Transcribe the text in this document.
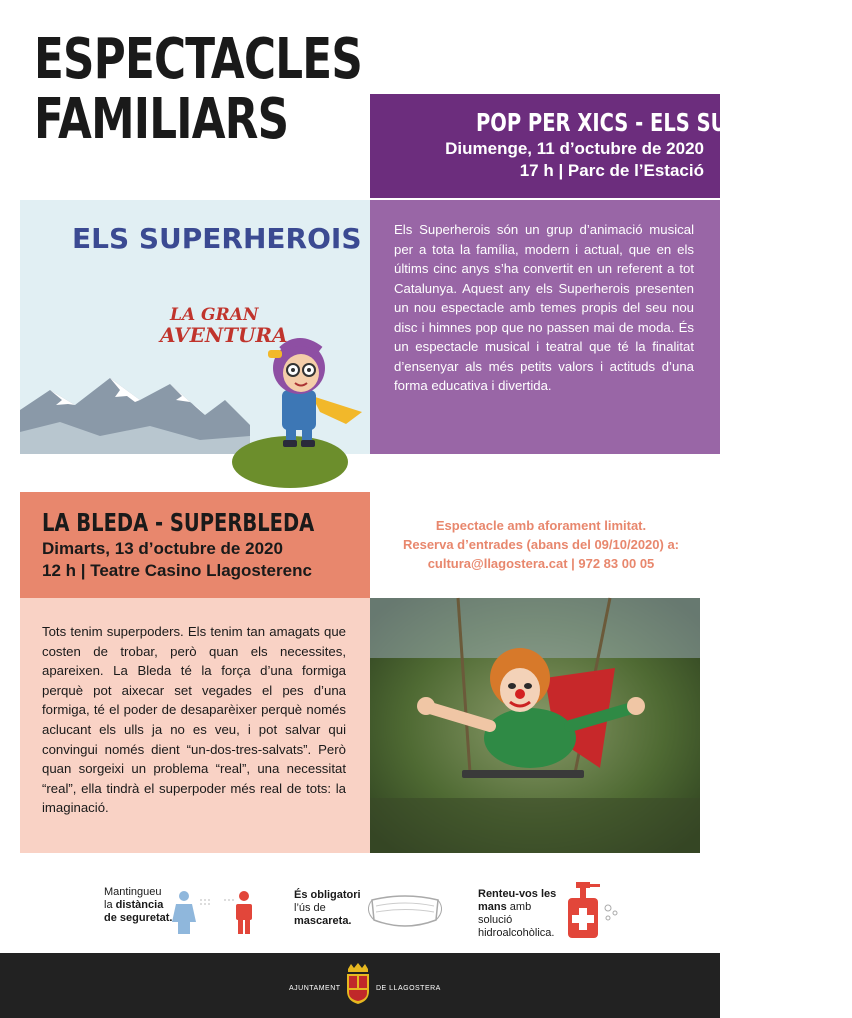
ESPECTACLES
FAMILIARS	POP PER XICS - ELS SUPERHEROIS
Diumenge, 11 d’octubre de 2020
17 h | Parc de l’Estació
ELS SUPERHEROIS
LA GRAN
AVENTURA
Els Superherois són un grup d’animació musical per a tota la família, modern i actual, que en els últims cinc anys s’ha convertit en un referent a tot Catalunya. Aquest any els Superherois presenten un nou espectacle amb temes propis del seu nou disc i himnes pop que no passen mai de moda. És un espectacle musical i teatral que té la finalitat d’ensenyar als més petits valors i actituds d’una forma educativa i divertida.
LA BLEDA - SUPERBLEDA
Dimarts, 13 d’octubre de 2020
12 h | Teatre Casino Llagosterenc
Espectacle amb aforament limitat.
Reserva d’entrades (abans del 09/10/2020) a:
cultura@llagostera.cat | 972 83 00 05
Tots tenim superpoders. Els tenim tan amagats que costen de trobar, però quan els necessites, apareixen. La Bleda té la força d’una formiga perquè pot aixecar set vegades el pes d’una formiga, té el poder de desaparèixer perquè només aclucant els ulls ja no es veu, i pot salvar qui convingui només dient “un-dos-tres-salvats”. Però quan sorgeixi un problema “real”, una necessitat “real”, ella tindrà el superpoder més real de tots: la imaginació.
Mantingueu
la distància
de seguretat.
És obligatori
l’ús de
mascareta.
Renteu-vos les
mans amb solució
hidroalcohòlica.
AJUNTAMENT	DE LLAGOSTERA
